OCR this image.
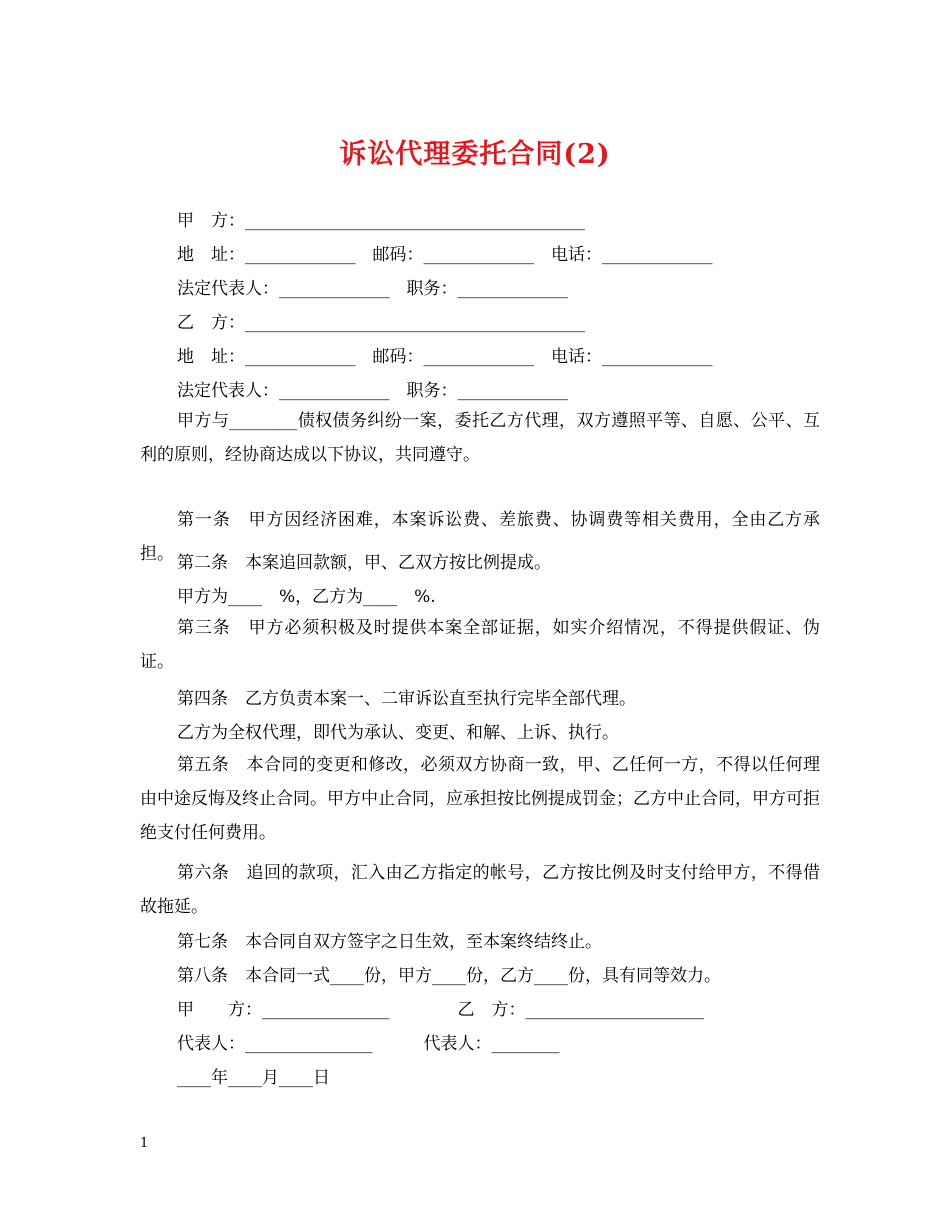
诉讼代理委托合同(2)
甲　方：________________________________________
地　址：_____________　邮码：_____________　电话：_____________
法定代表人：_____________　职务：_____________
乙　方：________________________________________
地　址：_____________　邮码：_____________　电话：_____________
法定代表人：_____________　职务：_____________
甲方与________债权债务纠纷一案，委托乙方代理，双方遵照平等、自愿、公平、互利的原则，经协商达成以下协议，共同遵守。
第一条　甲方因经济困难，本案诉讼费、差旅费、协调费等相关费用，全由乙方承担。 第二条　本案追回款额，甲、乙双方按比例提成。
甲方为____　%，乙方为____　%.
第三条　甲方必须积极及时提供本案全部证据，如实介绍情况，不得提供假证、伪证。
第四条　乙方负责本案一、二审诉讼直至执行完毕全部代理。
乙方为全权代理，即代为承认、变更、和解、上诉、执行。
第五条　本合同的变更和修改，必须双方协商一致，甲、乙任何一方，不得以任何理由中途反悔及终止合同。甲方中止合同，应承担按比例提成罚金；乙方中止合同，甲方可拒绝支付任何费用。
第六条　追回的款项，汇入由乙方指定的帐号，乙方按比例及时支付给甲方，不得借故拖延。
第七条　本合同自双方签字之日生效，至本案终结终止。
第八条　本合同一式____份，甲方____份，乙方____份，具有同等效力。
甲　　方：_______________　　　　乙　方：_____________________
代表人：_______________　　　代表人：________
____年____月____日
1
